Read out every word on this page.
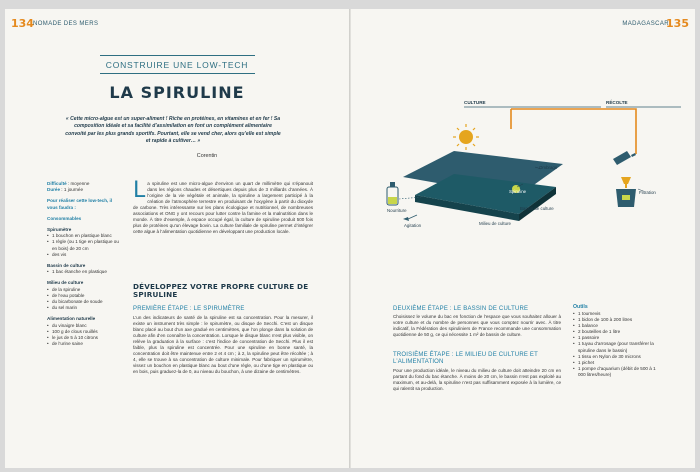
134 NOMADE DES MERS
CONSTRUIRE UNE LOW-TECH
LA SPIRULINE
« Cette micro-algue est un super-aliment ! Riche en protéines, en vitamines et en fer ! Sa composition idéale et sa facilité d’assimilation en font un complément alimentaire convoité par les plus grands sportifs. Pourtant, elle se vend cher, alors qu’elle est simple et rapide à cultiver… »
Corentin
Difficulté : moyenne
Durée : 1 journée
Pour réaliser cette low-tech, il vous faudra :
Consommables
Spirumètre
• 1 bouchon en plastique blanc
• 1 règle (ou 1 tige en plastique ou en bois) de 20 cm
• des vis
Bassin de culture
• 1 bac étanche en plastique
Milieu de culture
• de la spiruline
• de l’eau potable
• du bicarbonate de soude
• du sel marin
Alimentation naturelle
• du vinaigre blanc
• 100 g de clous rouillés
• le jus de 5 à 10 citrons
• de l’urine saine
La spiruline est une micro-algue d’environ un quart de millimètre qui s’épanouit dans les régions chaudes et désertiques depuis plus de 3 milliards d’années. À l’origine de la vie végétale et animale, la spiruline a largement participé à la création de l’atmosphère terrestre en produisant de l’oxygène à partir du dioxyde de carbone. Très intéressante sur les plans écologique et nutritionnel, de nombreuses associations et ONG y ont recours pour lutter contre la famine et la malnutrition dans le monde. À titre d’exemple, à espace occupé égal, la culture de spiruline produit 500 fois plus de protéines qu’un élevage bovin. La culture familiale de spiruline permet d’intégrer cette algue à l’alimentation quotidienne en développant une production locale.
DÉVELOPPEZ VOTRE PROPRE CULTURE DE SPIRULINE
PREMIÈRE ÉTAPE : LE SPIRUMÈTRE
L’un des indicateurs de santé de la spiruline est sa concentration. Pour la mesurer, il existe un instrument très simple : le spirumètre, ou disque de Secchi. C’est un disque blanc placé au bout d’un axe gradué en centimètres, que l’on plonge dans la solution de culture afin d’en connaître la concentration. Lorsque le disque blanc n’est plus visible, on relève la graduation à la surface : c’est l’indice de concentration de Secchi. Plus il est faible, plus la spiruline est concentrée. Pour une spiruline en bonne santé, la concentration doit être maintenue entre 2 et 4 cm ; à 2, la spiruline peut être récoltée ; à 4, elle se trouve à sa concentration de culture minimale. Pour fabriquer un spirumètre, vissez un bouchon en plastique blanc au bout d’une règle, ou d’une tige en plastique ou en bois, puis graduez-la de 0, au niveau du bouchon, à une dizaine de centimètres.
MADAGASCAR
135
CULTURE	RÉCOLTE
Ombrage
Spiruline
Nourriture	Bassin de culture
Milieu de culture
Agitation
Filtration
DEUXIÈME ÉTAPE : LE BASSIN DE CULTURE
Choisissez le volume du bac en fonction de l’espace que vous souhaitez allouer à votre culture et du nombre de personnes que vous comptez nourrir avec. À titre indicatif, la Fédération des spiruliniers de France recommande une consommation quotidienne de 50 g, ce qui nécessite 1 m² de bassin de culture.
TROISIÈME ÉTAPE : LE MILIEU DE CULTURE ET L’ALIMENTATION
Pour une production idéale, le niveau du milieu de culture doit atteindre 20 cm en partant du fond du bac étanche. À moins de 20 cm, le bassin n’est pas exploité au maximum, et au-delà, la spiruline n’est pas suffisamment exposée à la lumière, ce qui ralentit sa production.
Outils
• 1 tournevis
• 1 bidon de 100 à 200 litres
• 1 balance
• 2 bouteilles de 1 litre
• 1 passoire
• 1 tuyau d’arrosage (pour transférer la spiruline dans le bassin)
• 1 tissu en Nylon de 30 microns
• 1 pichet
• 1 pompe d’aquarium (débit de 500 à 1 000 litres/heure)
